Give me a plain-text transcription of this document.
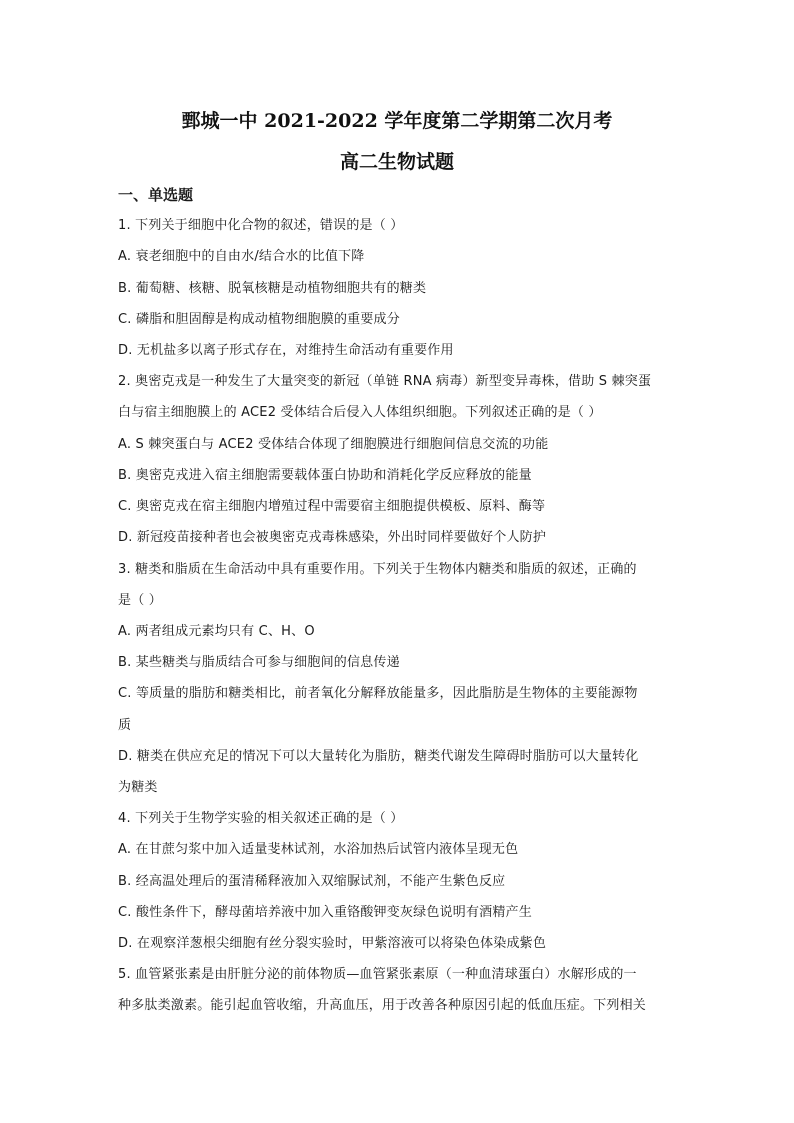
鄄城一中 2021-2022 学年度第二学期第二次月考
高二生物试题
一、单选题
1. 下列关于细胞中化合物的叙述，错误的是（ ）
A. 衰老细胞中的自由水/结合水的比值下降
B. 葡萄糖、核糖、脱氧核糖是动植物细胞共有的糖类
C. 磷脂和胆固醇是构成动植物细胞膜的重要成分
D. 无机盐多以离子形式存在，对维持生命活动有重要作用
2. 奥密克戎是一种发生了大量突变的新冠（单链 RNA 病毒）新型变异毒株，借助 S 棘突蛋
白与宿主细胞膜上的 ACE2 受体结合后侵入人体组织细胞。下列叙述正确的是（ ）
A. S 棘突蛋白与 ACE2 受体结合体现了细胞膜进行细胞间信息交流的功能
B. 奥密克戎进入宿主细胞需要载体蛋白协助和消耗化学反应释放的能量
C. 奥密克戎在宿主细胞内增殖过程中需要宿主细胞提供模板、原料、酶等
D. 新冠疫苗接种者也会被奥密克戎毒株感染，外出时同样要做好个人防护
3. 糖类和脂质在生命活动中具有重要作用。下列关于生物体内糖类和脂质的叙述，正确的
是（ ）
A. 两者组成元素均只有 C、H、O
B. 某些糖类与脂质结合可参与细胞间的信息传递
C. 等质量的脂肪和糖类相比，前者氧化分解释放能量多，因此脂肪是生物体的主要能源物
质
D. 糖类在供应充足的情况下可以大量转化为脂肪，糖类代谢发生障碍时脂肪可以大量转化
为糖类
4. 下列关于生物学实验的相关叙述正确的是（ ）
A. 在甘蔗匀浆中加入适量斐林试剂，水浴加热后试管内液体呈现无色
B. 经高温处理后的蛋清稀释液加入双缩脲试剂，不能产生紫色反应
C. 酸性条件下，酵母菌培养液中加入重铬酸钾变灰绿色说明有酒精产生
D. 在观察洋葱根尖细胞有丝分裂实验时，甲紫溶液可以将染色体染成紫色
5. 血管紧张素是由肝脏分泌的前体物质—血管紧张素原（一种血清球蛋白）水解形成的一
种多肽类激素。能引起血管收缩，升高血压，用于改善各种原因引起的低血压症。下列相关
